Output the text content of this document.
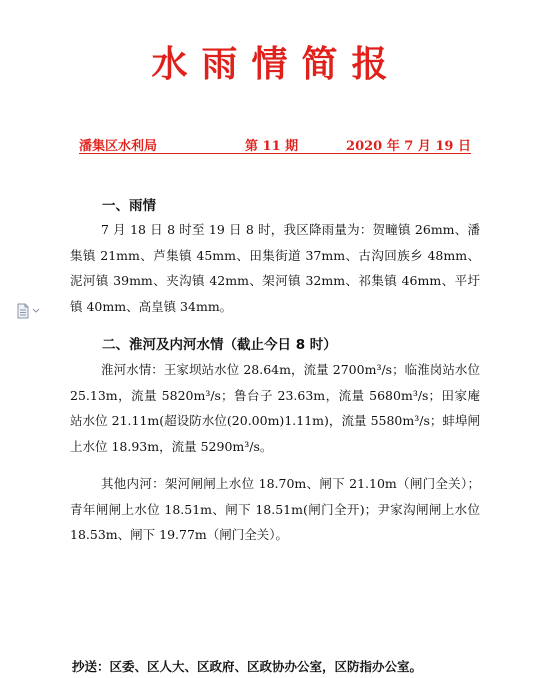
水雨情简报
潘集区水利局	第 11 期	2020 年 7 月 19 日
一、雨情
7 月 18 日 8 时至 19 日 8 时，我区降雨量为：贺疃镇 26mm、潘集镇 21mm、芦集镇 45mm、田集街道 37mm、古沟回族乡 48mm、泥河镇 39mm、夹沟镇 42mm、架河镇 32mm、祁集镇 46mm、平圩镇 40mm、高皇镇 34mm。
二、淮河及内河水情（截止今日 8 时）
淮河水情：王家坝站水位 28.64m，流量 2700m³/s；临淮岗站水位 25.13m，流量 5820m³/s；鲁台子 23.63m，流量 5680m³/s；田家庵站水位 21.11m(超设防水位(20.00m)1.11m)，流量 5580m³/s；蚌埠闸上水位 18.93m，流量 5290m³/s。
其他内河：架河闸闸上水位 18.70m、闸下 21.10m（闸门全关）；青年闸闸上水位 18.51m、闸下 18.51m(闸门全开)；尹家沟闸闸上水位 18.53m、闸下 19.77m（闸门全关）。
抄送：区委、区人大、区政府、区政协办公室，区防指办公室。
